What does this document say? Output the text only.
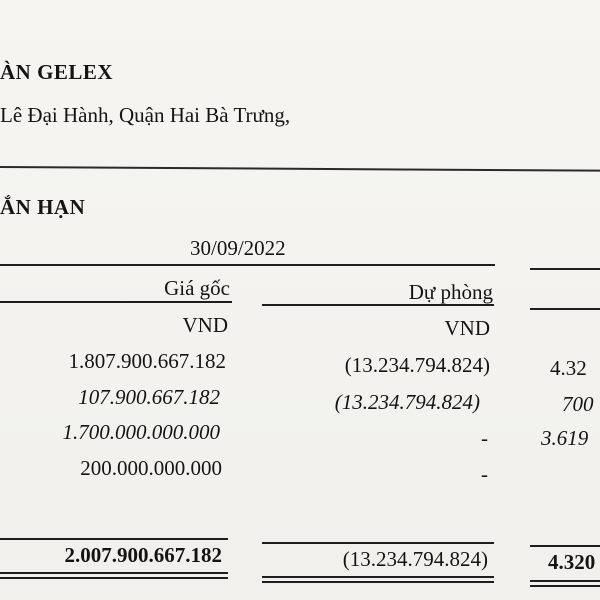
ÀN GELEX
Lê Đại Hành, Quận Hai Bà Trưng,
ẮN HẠN
30/09/2022
Giá gốc	Dự phòng
VND	VND
1.807.900.667.182	(13.234.794.824)	4.32
107.900.667.182	(13.234.794.824)	700
1.700.000.000.000	-	3.619
200.000.000.000	-
2.007.900.667.182	(13.234.794.824)	4.320
